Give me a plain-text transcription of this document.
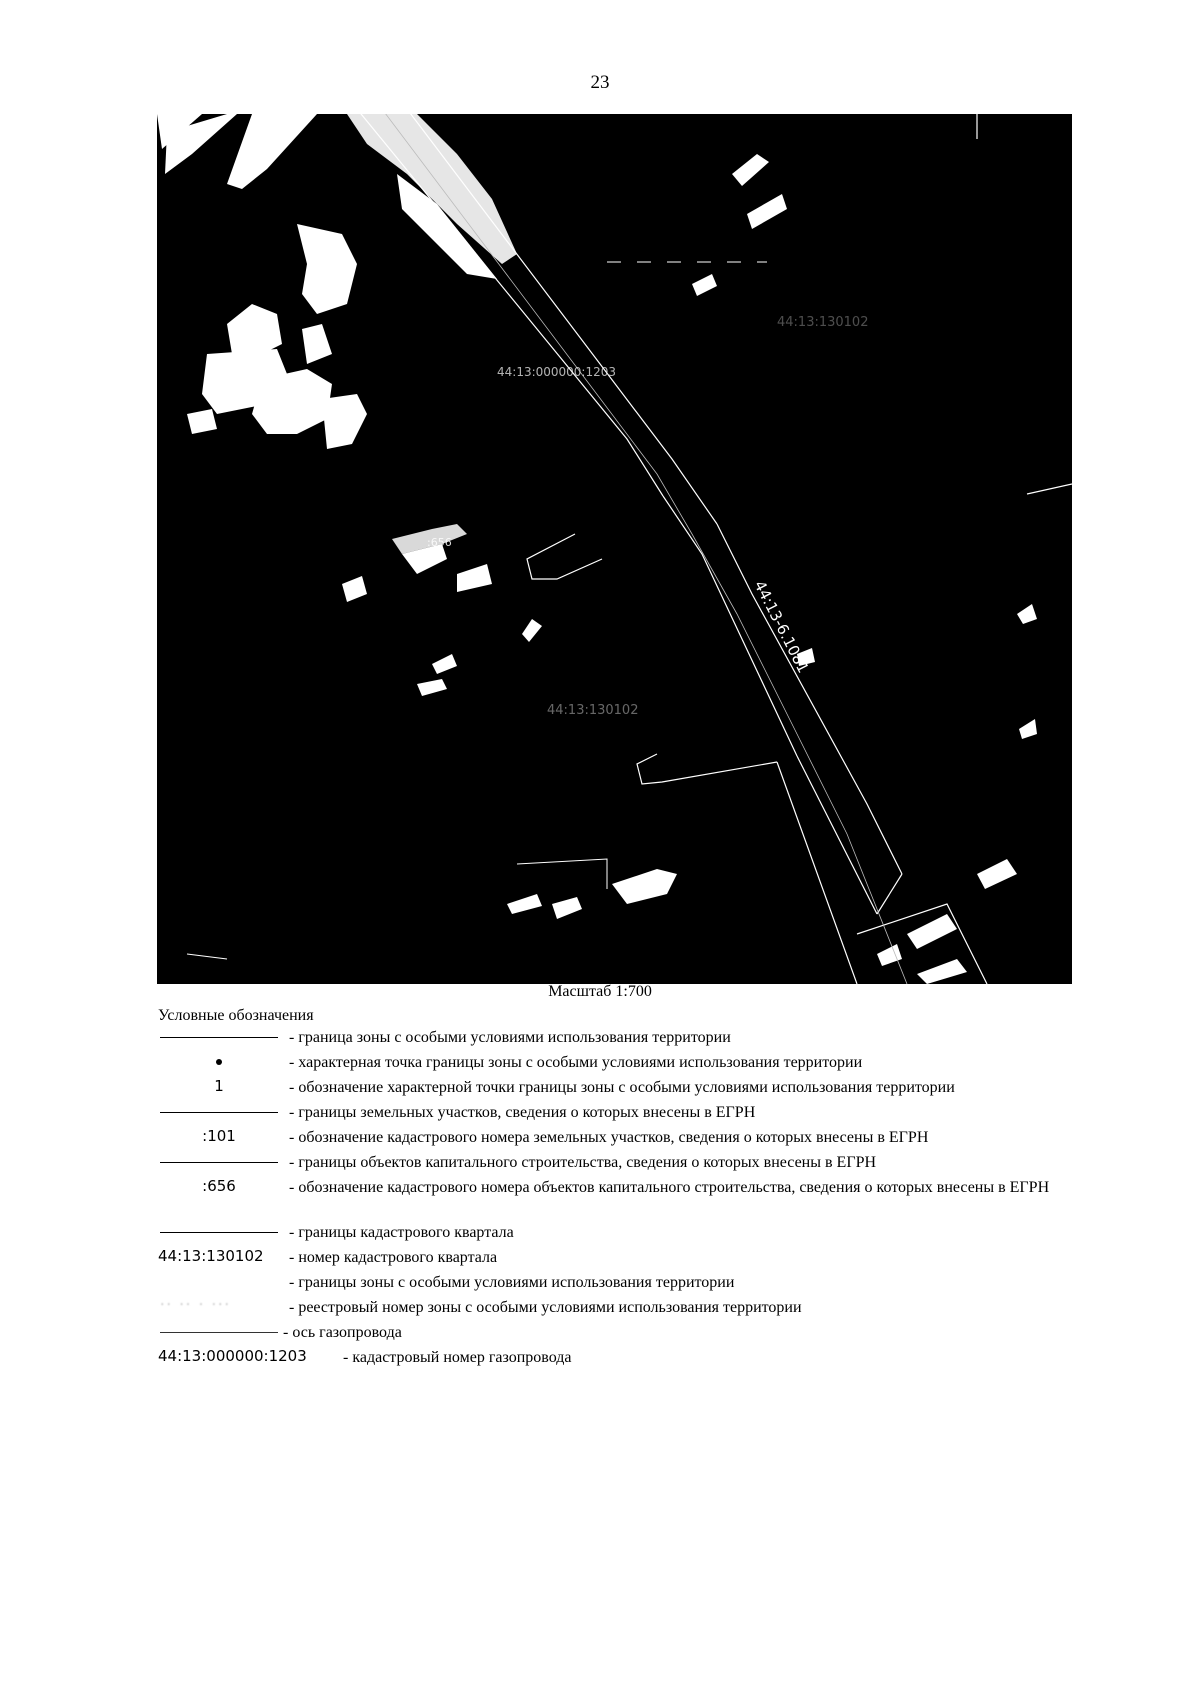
23
44:13-6.1081
44:13:000000:1203
:101
:656
44:13:130102
44:13:130102
Масштаб 1:700
Условные обозначения
- граница зоны с особыми условиями использования территории
- характерная точка границы зоны с особыми условиями использования территории
1	- обозначение характерной точки границы зоны с особыми условиями использования территории
- границы земельных участков, сведения о которых внесены в ЕГРН
:101	- обозначение кадастрового номера земельных участков, сведения о которых внесены в ЕГРН
- границы объектов капитального строительства, сведения о которых внесены в ЕГРН
:656	- обозначение кадастрового номера объектов капитального строительства, сведения о которых внесены в ЕГРН
- границы кадастрового квартала
44:13:130102	- номер кадастрового квартала
- границы зоны с особыми условиями использования территории
·· ·· · ···	- реестровый номер зоны с особыми условиями использования территории
- ось газопровода
44:13:000000:1203	- кадастровый номер газопровода
